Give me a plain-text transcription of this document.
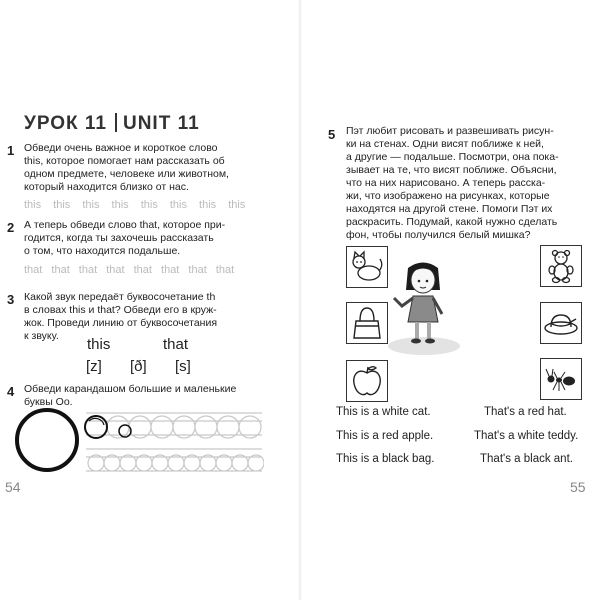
УРОК 11 UNIT 11
1 Обведи очень важное и короткое слово
this, которое помогает нам рассказать об
одном предмете, человеке или животном,
который находится близко от нас.
this this this this this this this this
2 А теперь обведи слово that, которое при-
годится, когда ты захочешь рассказать
о том, что находится подальше.
that that that that that that that that
3 Какой звук передаёт буквосочетание th
в словах this и that? Обведи его в круж-
жок. Проведи линию от буквосочетания
к звуку.	this	that
[z] [ð] [s]
4 Обведи карандашом большие и маленькие
буквы Oo.
54
5 Пэт любит рисовать и развешивать рисун-
ки на стенах. Одни висят поближе к ней,
а другие — подальше. Посмотри, она пока-
зывает на те, что висят поближе. Объясни,
что на них нарисовано. А теперь расска-
жи, что изображено на рисунках, которые
находятся на другой стене. Помоги Пэт их
раскрасить. Подумай, какой нужно сделать
фон, чтобы получился белый мишка?
This is a white cat.
This is a red apple.
This is a black bag.
That's a red hat.
That's a white teddy.
That's a black ant.
55
